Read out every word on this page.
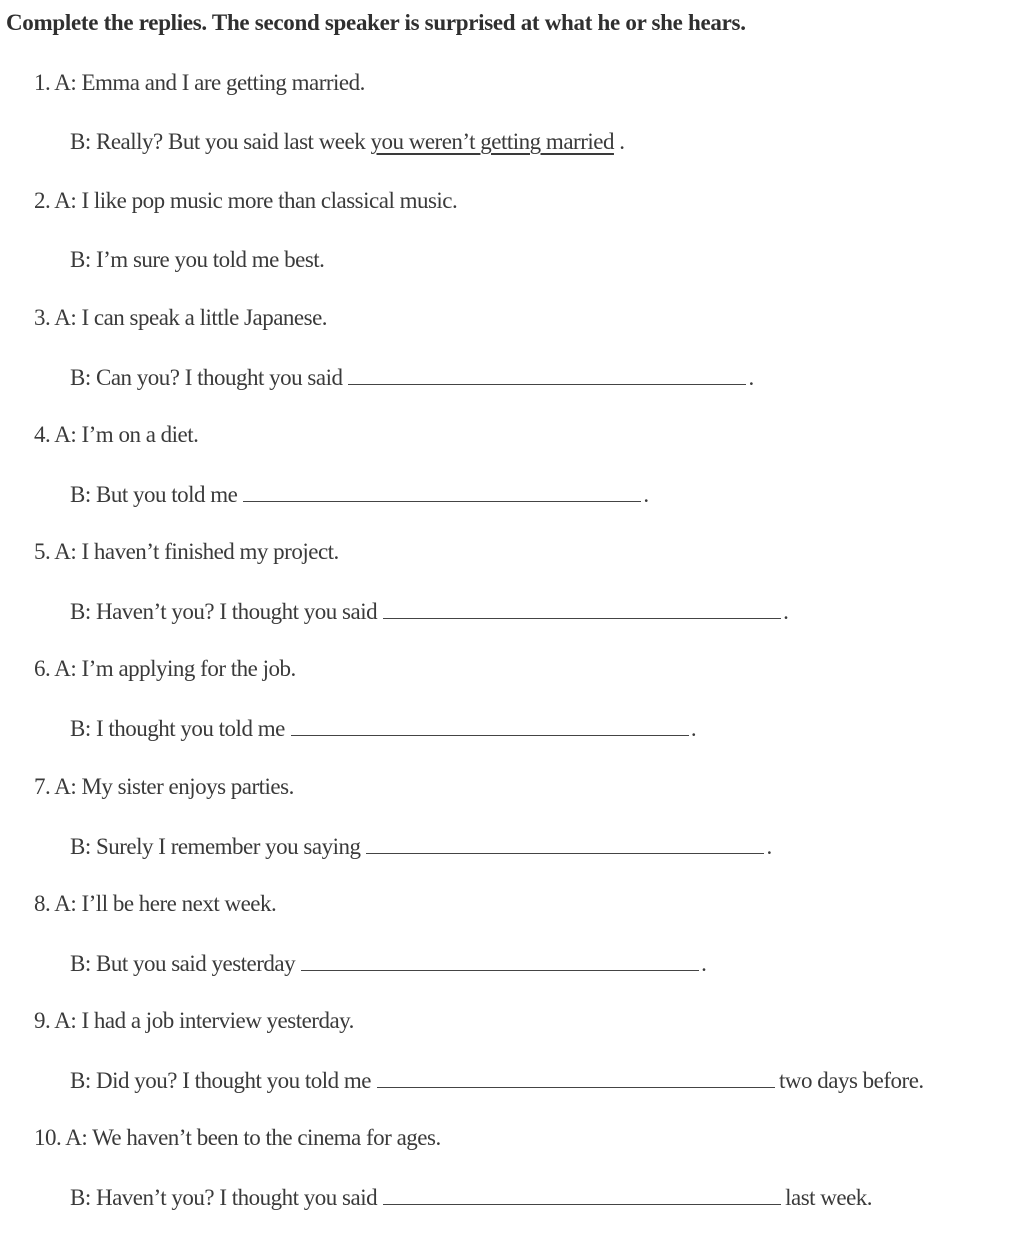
Complete the replies. The second speaker is surprised at what he or she hears.
1. A: Emma and I are getting married.
B: Really? But you said last week you weren’t getting married .
2. A: I like pop music more than classical music.
B: I’m sure you told me best.
3. A: I can speak a little Japanese.
B: Can you? I thought you said	.
4. A: I’m on a diet.
B: But you told me	.
5. A: I haven’t finished my project.
B: Haven’t you? I thought you said	.
6. A: I’m applying for the job.
B: I thought you told me	.
7. A: My sister enjoys parties.
B: Surely I remember you saying	.
8. A: I’ll be here next week.
B: But you said yesterday	.
9. A: I had a job interview yesterday.
B: Did you? I thought you told me	two days before.
10. A: We haven’t been to the cinema for ages.
B: Haven’t you? I thought you said	last week.
